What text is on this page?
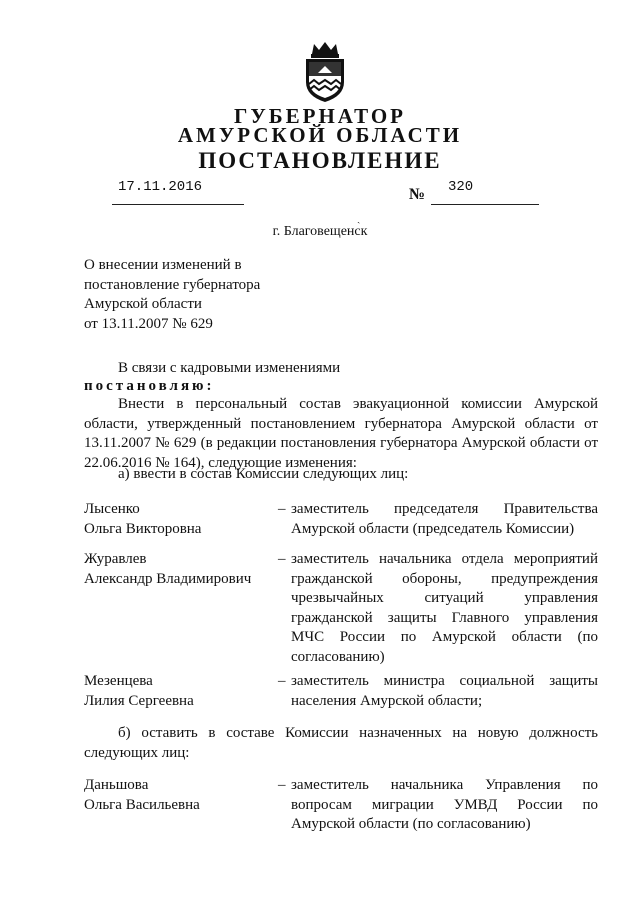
ГУБЕРНАТОР
АМУРСКОЙ ОБЛАСТИ
ПОСТАНОВЛЕНИЕ
17.11.2016	№ 320
ˎ
г. Благовещенск
О внесении изменений в
постановление губернатора
Амурской области
от 13.11.2007 № 629
В связи с кадровыми изменениями
постановляю:
Внести в персональный состав эвакуационной комиссии Амурской области, утвержденный постановлением губернатора Амурской области от 13.11.2007 № 629 (в редакции постановления губернатора Амурской области от 22.06.2016 № 164), следующие изменения:
а) ввести в состав Комиссии следующих лиц:
Лысенко
Ольга Викторовна
– заместитель председателя Правительства Амурской области (председатель Комиссии)
Журавлев
Александр Владимирович
– заместитель начальника отдела мероприятий гражданской обороны, предупреждения чрезвычайных ситуаций управления гражданской защиты Главного управления МЧС России по Амурской области (по согласованию)
Мезенцева
Лилия Сергеевна
– заместитель министра социальной защиты населения Амурской области;
б) оставить в составе Комиссии назначенных на новую должность следующих лиц:
Даньшова
Ольга Васильевна
– заместитель начальника Управления по вопросам миграции УМВД России по Амурской области (по согласованию)
